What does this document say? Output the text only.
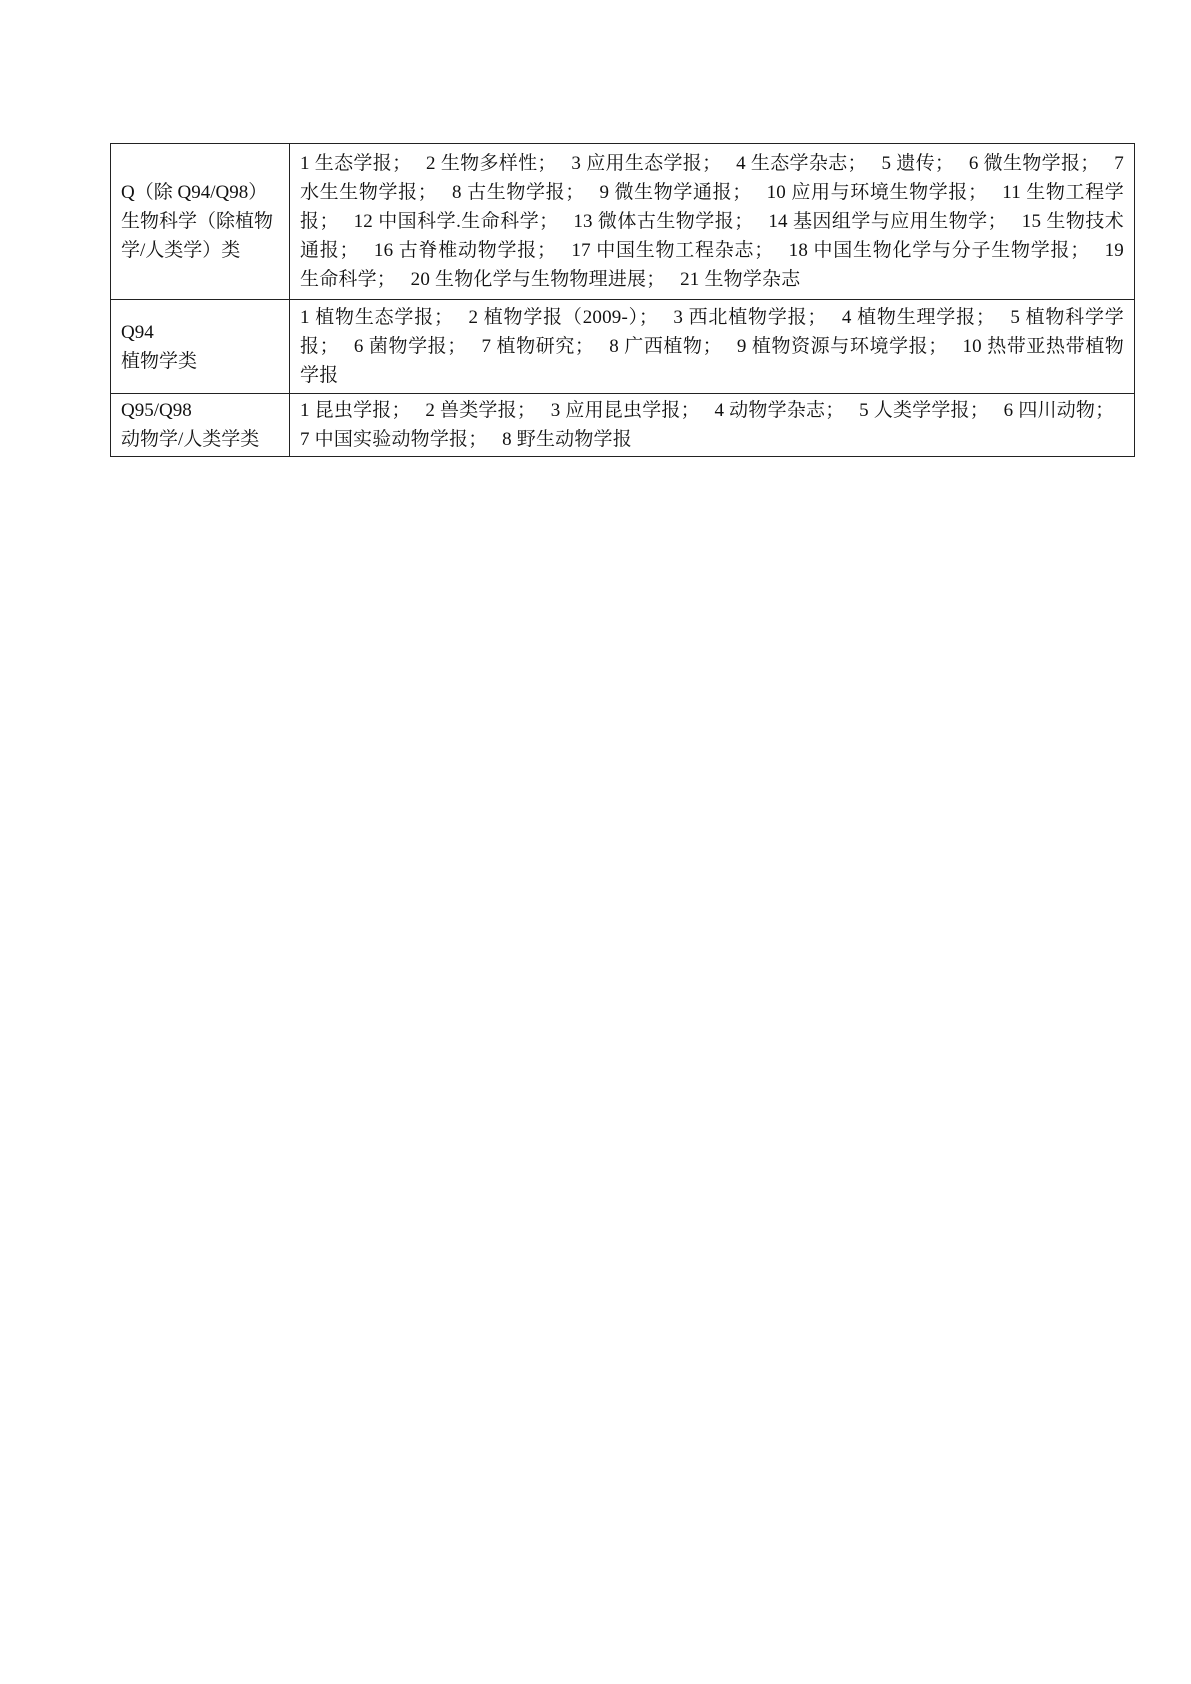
Q（除 Q94/Q98）
生物科学（除植物学/人类学）类	1 生态学报；  2 生物多样性；  3 应用生态学报；  4 生态学杂志；  5 遗传；  6 微生物学报；  7 水生生物学报；  8 古生物学报；  9 微生物学通报；  10 应用与环境生物学报；  11 生物工程学报；  12 中国科学.生命科学；  13 微体古生物学报；  14 基因组学与应用生物学；  15 生物技术通报；  16 古脊椎动物学报；  17 中国生物工程杂志；  18 中国生物化学与分子生物学报；  19 生命科学；  20 生物化学与生物物理进展；  21 生物学杂志

Q94
植物学类	1 植物生态学报；  2 植物学报（2009-）；  3 西北植物学报；  4 植物生理学报；  5 植物科学学报；  6 菌物学报；  7 植物研究；  8 广西植物；  9 植物资源与环境学报；  10 热带亚热带植物学报

Q95/Q98
动物学/人类学类	1 昆虫学报；  2 兽类学报；  3 应用昆虫学报；  4 动物学杂志；  5 人类学学报；  6 四川动物；  7 中国实验动物学报；  8 野生动物学报
